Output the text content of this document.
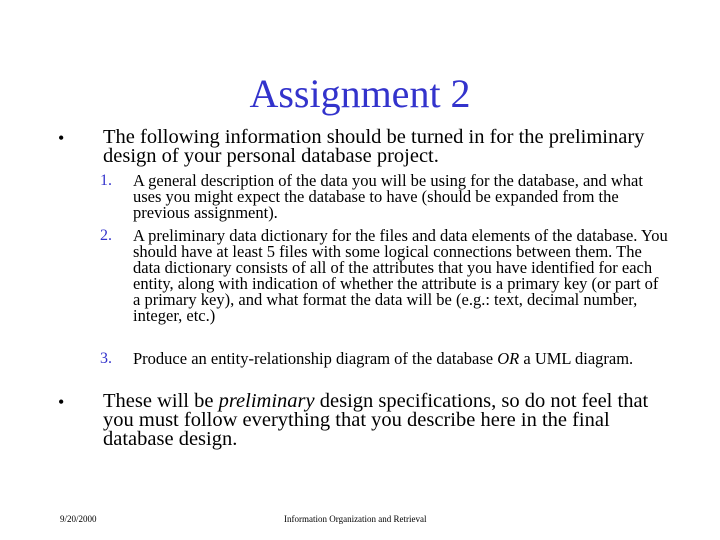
Assignment 2
• The following information should be turned in for the preliminary design of your personal database project.
1. A general description of the data you will be using for the database, and what uses you might expect the database to have (should be expanded from the previous assignment).
2. A preliminary data dictionary for the files and data elements of the database. You should have at least 5 files with some logical connections between them. The data dictionary consists of all of the attributes that you have identified for each entity, along with indication of whether the attribute is a primary key (or part of a primary key), and what format the data will be (e.g.: text, decimal number, integer, etc.)
3. Produce an entity-relationship diagram of the database OR a UML diagram.
• These will be preliminary design specifications, so do not feel that you must follow everything that you describe here in the final database design.
9/20/2000	Information Organization and Retrieval
